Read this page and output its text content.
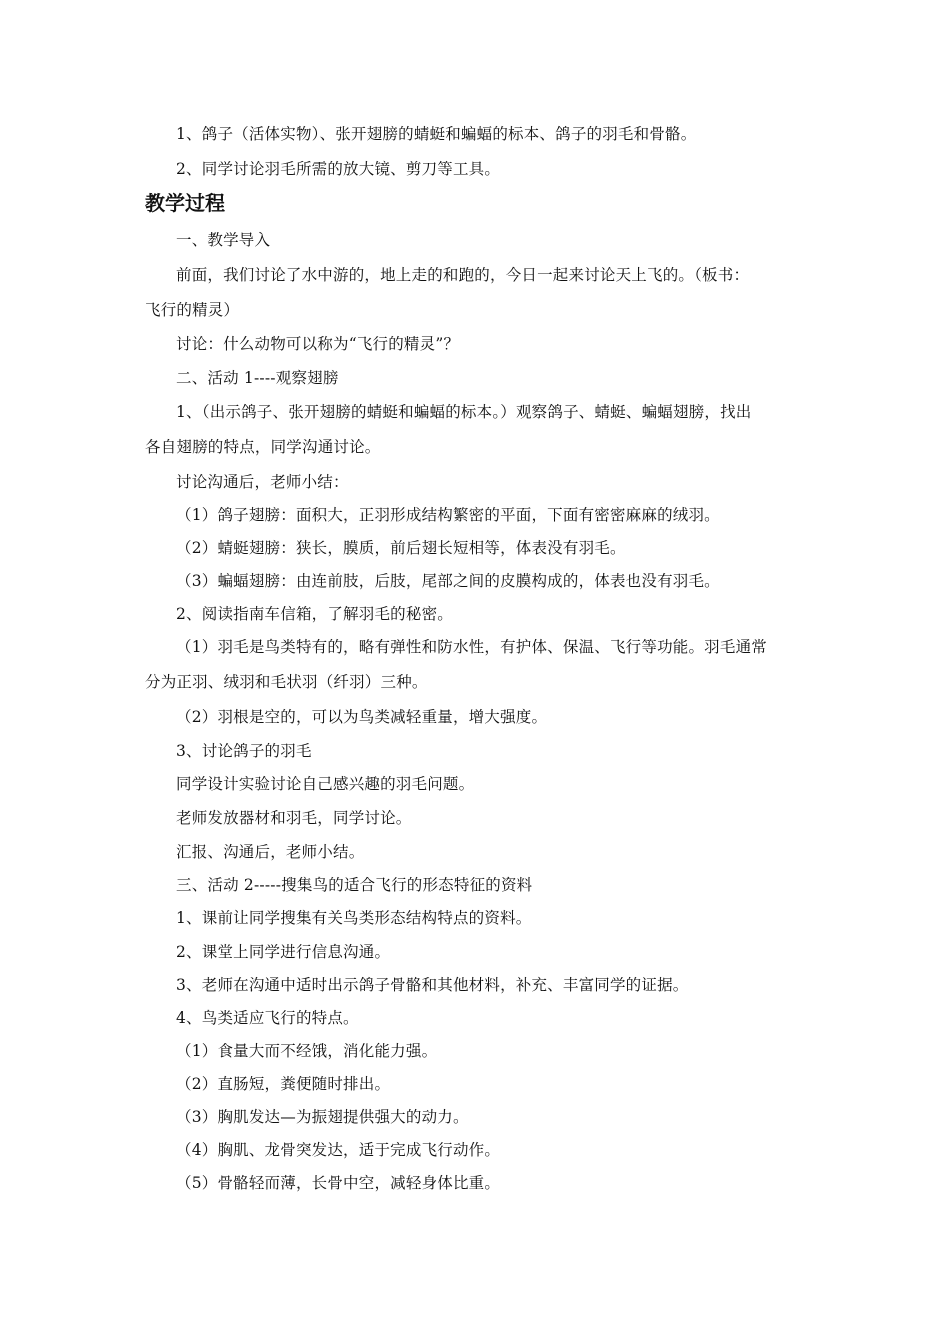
1、鸽子（活体实物）、张开翅膀的蜻蜓和蝙蝠的标本、鸽子的羽毛和骨骼。
2、同学讨论羽毛所需的放大镜、剪刀等工具。
教学过程
一、教学导入
前面，我们讨论了水中游的，地上走的和跑的，今日一起来讨论天上飞的。（板书：
飞行的精灵）
讨论：什么动物可以称为“飞行的精灵”？
二、活动 1----观察翅膀
1、（出示鸽子、张开翅膀的蜻蜓和蝙蝠的标本。）观察鸽子、蜻蜓、蝙蝠翅膀，找出
各自翅膀的特点，同学沟通讨论。
讨论沟通后，老师小结：
（1）鸽子翅膀：面积大，正羽形成结构繁密的平面，下面有密密麻麻的绒羽。
（2）蜻蜓翅膀：狭长，膜质，前后翅长短相等，体表没有羽毛。
（3）蝙蝠翅膀：由连前肢，后肢，尾部之间的皮膜构成的，体表也没有羽毛。
2、阅读指南车信箱，了解羽毛的秘密。
（1）羽毛是鸟类特有的，略有弹性和防水性，有护体、保温、飞行等功能。羽毛通常
分为正羽、绒羽和毛状羽（纤羽）三种。
（2）羽根是空的，可以为鸟类减轻重量，增大强度。
3、讨论鸽子的羽毛
同学设计实验讨论自己感兴趣的羽毛问题。
老师发放器材和羽毛，同学讨论。
汇报、沟通后，老师小结。
三、活动 2-----搜集鸟的适合飞行的形态特征的资料
1、课前让同学搜集有关鸟类形态结构特点的资料。
2、课堂上同学进行信息沟通。
3、老师在沟通中适时出示鸽子骨骼和其他材料，补充、丰富同学的证据。
4、鸟类适应飞行的特点。
（1）食量大而不经饿，消化能力强。
（2）直肠短，粪便随时排出。
（3）胸肌发达—为振翅提供强大的动力。
（4）胸肌、龙骨突发达，适于完成飞行动作。
（5）骨骼轻而薄，长骨中空，减轻身体比重。
